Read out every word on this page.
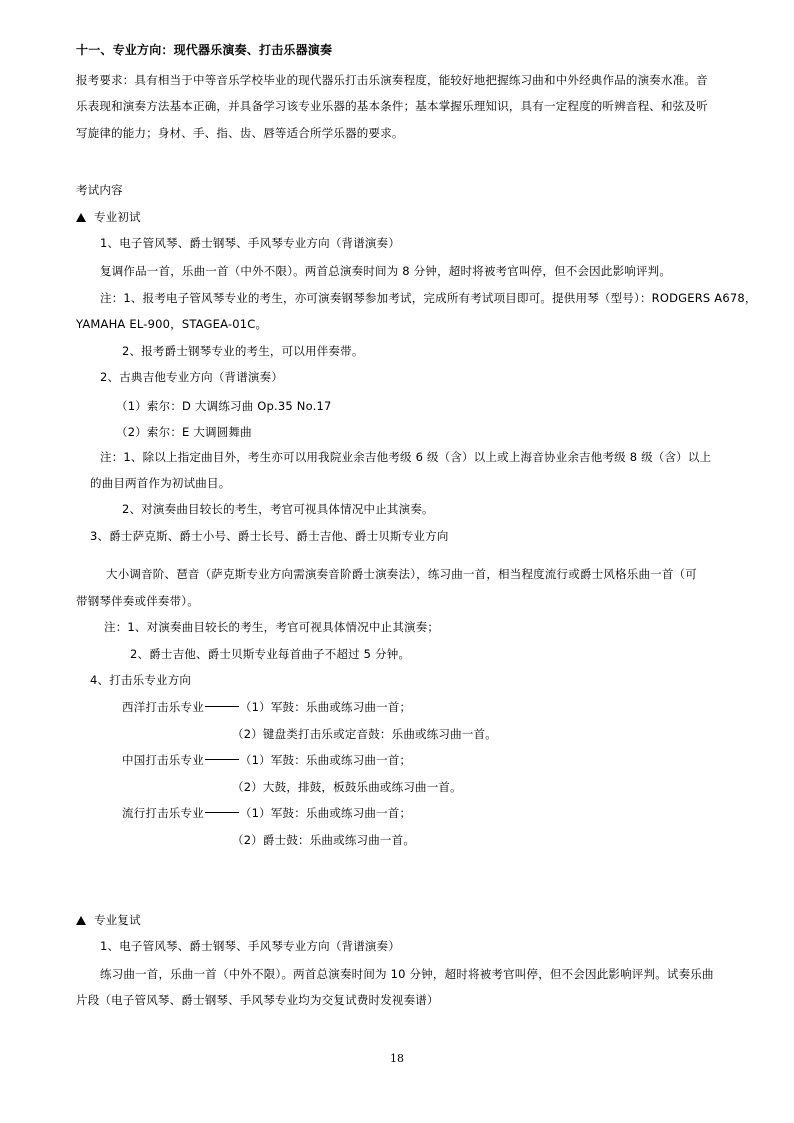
十一、专业方向：现代器乐演奏、打击乐器演奏
报考要求：具有相当于中等音乐学校毕业的现代器乐打击乐演奏程度，能较好地把握练习曲和中外经典作品的演奏水准。音
乐表现和演奏方法基本正确，并具备学习该专业乐器的基本条件；基本掌握乐理知识，具有一定程度的听辨音程、和弦及听
写旋律的能力；身材、手、指、齿、唇等适合所学乐器的要求。
考试内容
专业初试
1、电子管风琴、爵士钢琴、手风琴专业方向（背谱演奏）
复调作品一首，乐曲一首（中外不限）。两首总演奏时间为 8 分钟，超时将被考官叫停，但不会因此影响评判。
注：1、报考电子管风琴专业的考生，亦可演奏钢琴参加考试，完成所有考试项目即可。提供用琴（型号）：RODGERS A678，
YAMAHA EL-900，STAGEA-01C。
2、报考爵士钢琴专业的考生，可以用伴奏带。
2、古典吉他专业方向（背谱演奏）
（1）索尔：D 大调练习曲 Op.35 No.17
（2）索尔：E 大调圆舞曲
注：1、除以上指定曲目外，考生亦可以用我院业余吉他考级 6 级（含）以上或上海音协业余吉他考级 8 级（含）以上
的曲目两首作为初试曲目。
2、对演奏曲目较长的考生，考官可视具体情况中止其演奏。
3、爵士萨克斯、爵士小号、爵士长号、爵士吉他、爵士贝斯专业方向
大小调音阶、琶音（萨克斯专业方向需演奏音阶爵士演奏法），练习曲一首，相当程度流行或爵士风格乐曲一首（可
带钢琴伴奏或伴奏带）。
注：1、对演奏曲目较长的考生，考官可视具体情况中止其演奏；
2、爵士吉他、爵士贝斯专业每首曲子不超过 5 分钟。
4、打击乐专业方向
西洋打击乐专业	（1）军鼓：乐曲或练习曲一首；
（2）键盘类打击乐或定音鼓：乐曲或练习曲一首。
中国打击乐专业	（1）军鼓：乐曲或练习曲一首；
（2）大鼓，排鼓，板鼓乐曲或练习曲一首。
流行打击乐专业	（1）军鼓：乐曲或练习曲一首；
（2）爵士鼓：乐曲或练习曲一首。
专业复试
1、电子管风琴、爵士钢琴、手风琴专业方向（背谱演奏）
练习曲一首，乐曲一首（中外不限）。两首总演奏时间为 10 分钟，超时将被考官叫停，但不会因此影响评判。试奏乐曲
片段（电子管风琴、爵士钢琴、手风琴专业均为交复试费时发视奏谱）
18
